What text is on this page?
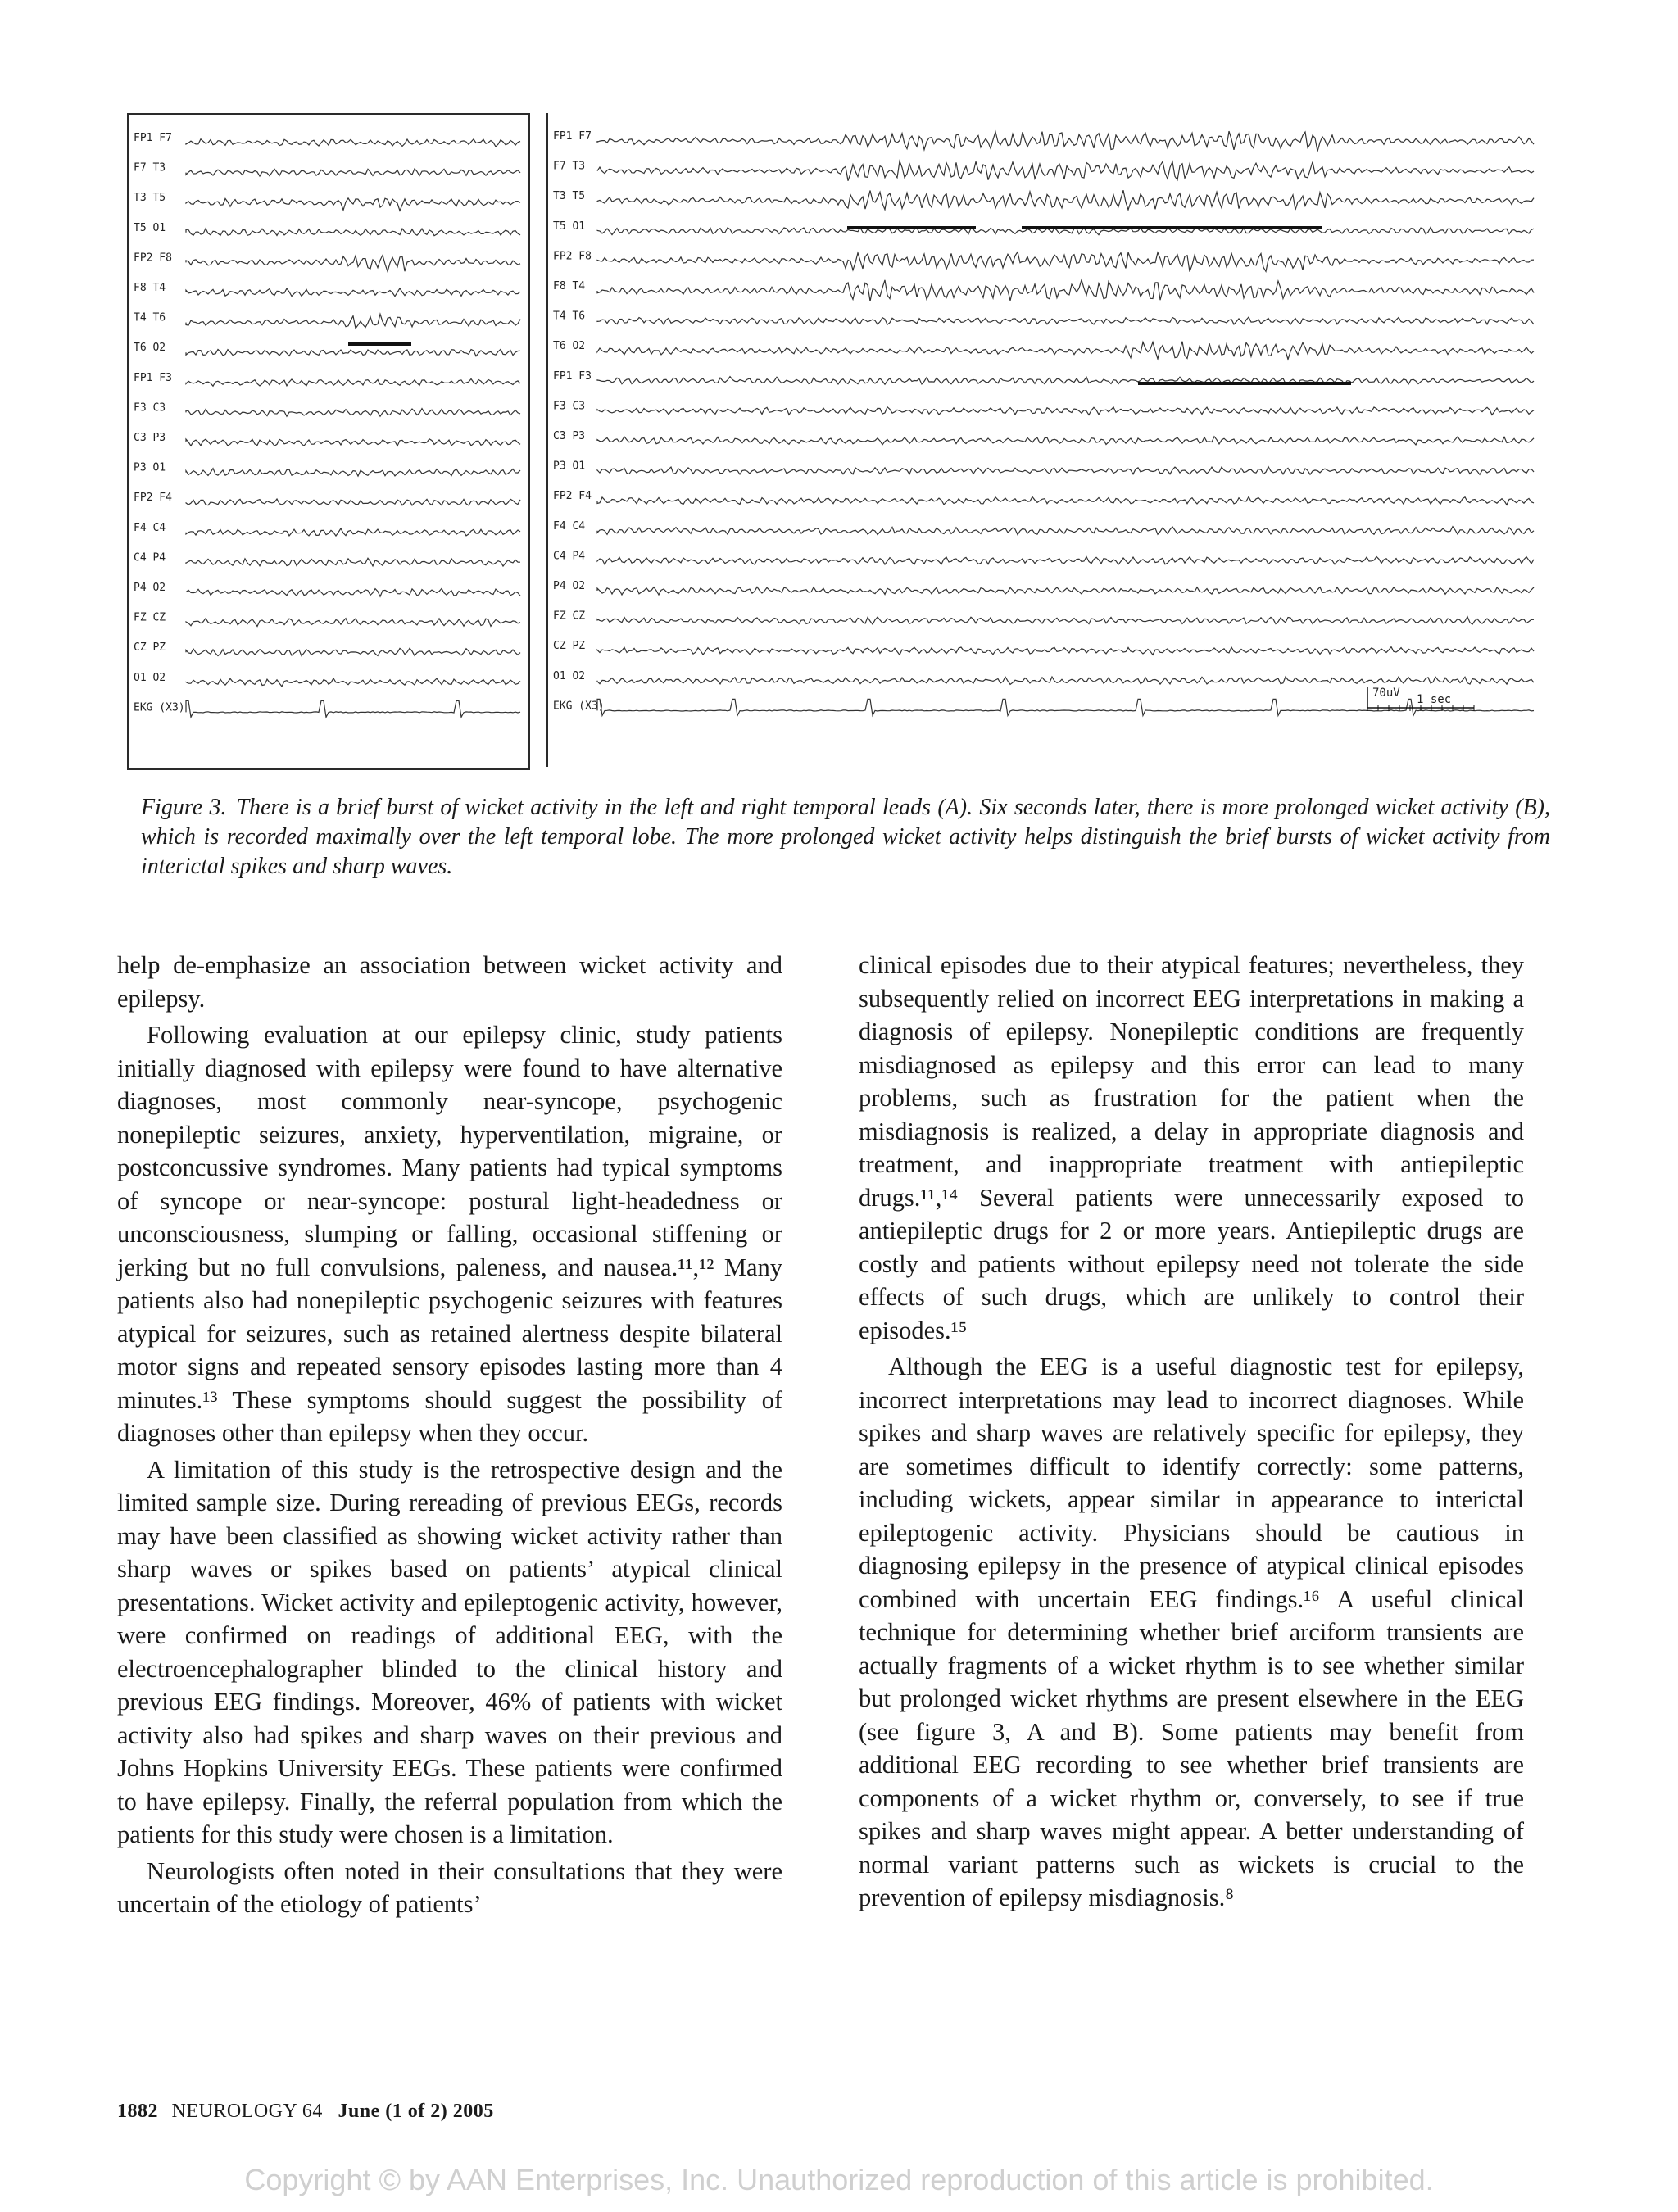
FP1 F7
F7 T3
T3 T5
T5 O1
FP2 F8
F8 T4
T4 T6
T6 O2
FP1 F3
F3 C3
C3 P3
P3 O1
FP2 F4
F4 C4
C4 P4
P4 O2
FZ CZ
CZ PZ
O1 O2
EKG (X3)
FP1 F7
F7 T3
T3 T5
T5 O1
FP2 F8
F8 T4
T4 T6
T6 O2
FP1 F3
F3 C3
C3 P3
P3 O1
FP2 F4
F4 C4
C4 P4
P4 O2
FZ CZ
CZ PZ
O1 O2
EKG (X3)
70uV 1 sec

Figure 3. There is a brief burst of wicket activity in the left and right temporal leads (A). Six seconds later, there is more prolonged wicket activity (B), which is recorded maximally over the left temporal lobe. The more prolonged wicket activity helps distinguish the brief bursts of wicket activity from interictal spikes and sharp waves.

help de-emphasize an association between wicket activity and epilepsy.

Following evaluation at our epilepsy clinic, study patients initially diagnosed with epilepsy were found to have alternative diagnoses, most commonly near-syncope, psychogenic nonepileptic seizures, anxiety, hyperventilation, migraine, or postconcussive syndromes. Many patients had typical symptoms of syncope or near-syncope: postural light-headedness or unconsciousness, slumping or falling, occasional stiffening or jerking but no full convulsions, paleness, and nausea.¹¹,¹² Many patients also had nonepileptic psychogenic seizures with features atypical for seizures, such as retained alertness despite bilateral motor signs and repeated sensory episodes lasting more than 4 minutes.¹³ These symptoms should suggest the possibility of diagnoses other than epilepsy when they occur.

A limitation of this study is the retrospective design and the limited sample size. During rereading of previous EEGs, records may have been classified as showing wicket activity rather than sharp waves or spikes based on patients’ atypical clinical presentations. Wicket activity and epileptogenic activity, however, were confirmed on readings of additional EEG, with the electroencephalographer blinded to the clinical history and previous EEG findings. Moreover, 46% of patients with wicket activity also had spikes and sharp waves on their previous and Johns Hopkins University EEGs. These patients were confirmed to have epilepsy. Finally, the referral population from which the patients for this study were chosen is a limitation.

Neurologists often noted in their consultations that they were uncertain of the etiology of patients’

clinical episodes due to their atypical features; nevertheless, they subsequently relied on incorrect EEG interpretations in making a diagnosis of epilepsy. Nonepileptic conditions are frequently misdiagnosed as epilepsy and this error can lead to many problems, such as frustration for the patient when the misdiagnosis is realized, a delay in appropriate diagnosis and treatment, and inappropriate treatment with antiepileptic drugs.¹¹,¹⁴ Several patients were unnecessarily exposed to antiepileptic drugs for 2 or more years. Antiepileptic drugs are costly and patients without epilepsy need not tolerate the side effects of such drugs, which are unlikely to control their episodes.¹⁵

Although the EEG is a useful diagnostic test for epilepsy, incorrect interpretations may lead to incorrect diagnoses. While spikes and sharp waves are relatively specific for epilepsy, they are sometimes difficult to identify correctly: some patterns, including wickets, appear similar in appearance to interictal epileptogenic activity. Physicians should be cautious in diagnosing epilepsy in the presence of atypical clinical episodes combined with uncertain EEG findings.¹⁶ A useful clinical technique for determining whether brief arciform transients are actually fragments of a wicket rhythm is to see whether similar but prolonged wicket rhythms are present elsewhere in the EEG (see figure 3, A and B). Some patients may benefit from additional EEG recording to see whether brief transients are components of a wicket rhythm or, conversely, to see if true spikes and sharp waves might appear. A better understanding of normal variant patterns such as wickets is crucial to the prevention of epilepsy misdiagnosis.⁸

1882 NEUROLOGY 64 June (1 of 2) 2005
Copyright © by AAN Enterprises, Inc. Unauthorized reproduction of this article is prohibited.
